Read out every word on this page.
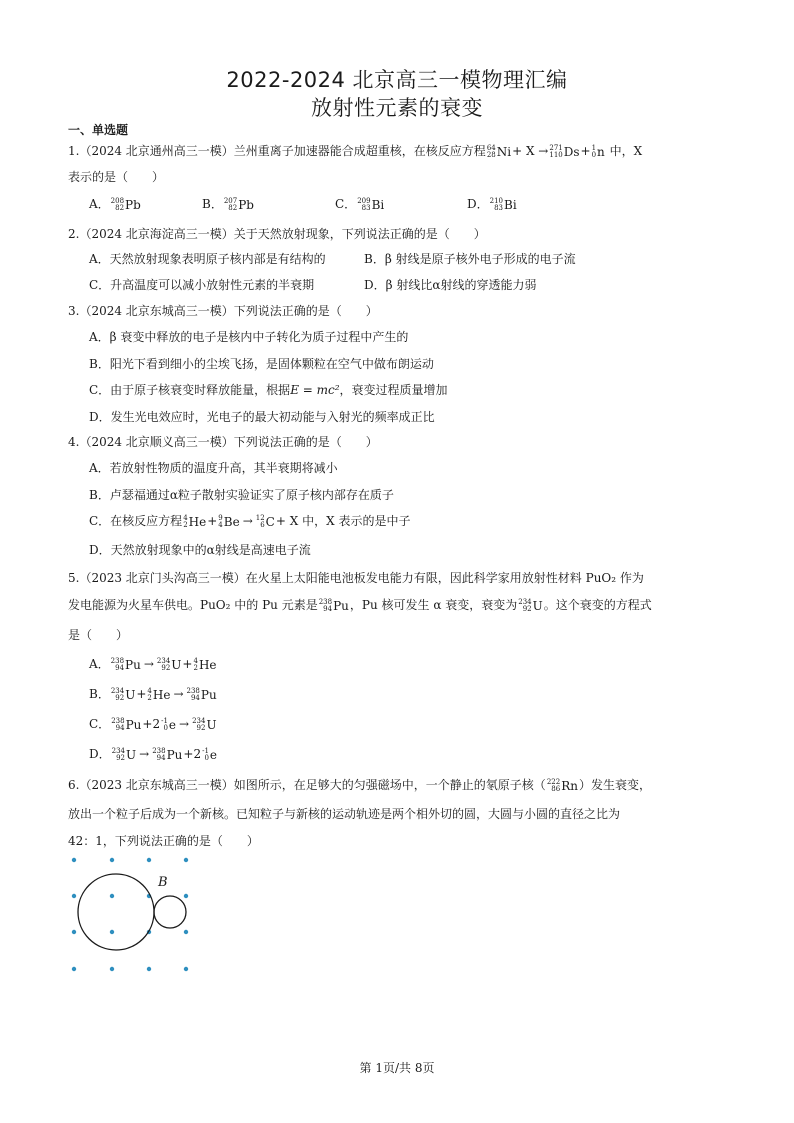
2022-2024 北京高三一模物理汇编
放射性元素的衰变
一、单选题
1.（2024 北京通州高三一模）兰州重离子加速器能合成超重核，在核反应方程 64
28 Ni + X → 271
110 Ds + 1
0 n 中，X
表示的是（　　）
A． 208
82 Pb	B． 207
82 Pb	C． 209
83 Bi	D． 210
83 Bi
2.（2024 北京海淀高三一模）关于天然放射现象，下列说法正确的是（　　）
A．天然放射现象表明原子核内部是有结构的	B．β 射线是原子核外电子形成的电子流
C．升高温度可以减小放射性元素的半衰期	D．β 射线比α射线的穿透能力弱
3.（2024 北京东城高三一模）下列说法正确的是（　　）
A．β 衰变中释放的电子是核内中子转化为质子过程中产生的
B．阳光下看到细小的尘埃飞扬，是固体颗粒在空气中做布朗运动
C．由于原子核衰变时释放能量，根据E = mc²，衰变过程质量增加
D．发生光电效应时，光电子的最大初动能与入射光的频率成正比
4.（2024 北京顺义高三一模）下列说法正确的是（　　）
A．若放射性物质的温度升高，其半衰期将减小
B．卢瑟福通过α粒子散射实验证实了原子核内部存在质子
C．在核反应方程 4
2 He + 9
4 Be → 12
6 C + X 中，X 表示的是中子
D．天然放射现象中的α射线是高速电子流
5.（2023 北京门头沟高三一模）在火星上太阳能电池板发电能力有限，因此科学家用放射性材料 PuO₂ 作为
发电能源为火星车供电。PuO₂ 中的 Pu 元素是 238
94 Pu ，Pu 核可发生 α 衰变，衰变为 234
92 U 。这个衰变的方程式
是（　　）
A． 238
94 Pu → 234
92 U + 4
2 He
B． 234
92 U + 4
2 He → 238
94 Pu
C． 238
94 Pu +2 -1
0 e → 234
92 U
D． 234
92 U → 238
94 Pu +2 -1
0 e
6.（2023 北京东城高三一模）如图所示，在足够大的匀强磁场中，一个静止的氡原子核（ 222
86 Rn ）发生衰变，
放出一个粒子后成为一个新核。已知粒子与新核的运动轨迹是两个相外切的圆，大圆与小圆的直径之比为
42：1，下列说法正确的是（　　）
B
第 1页/共 8页
